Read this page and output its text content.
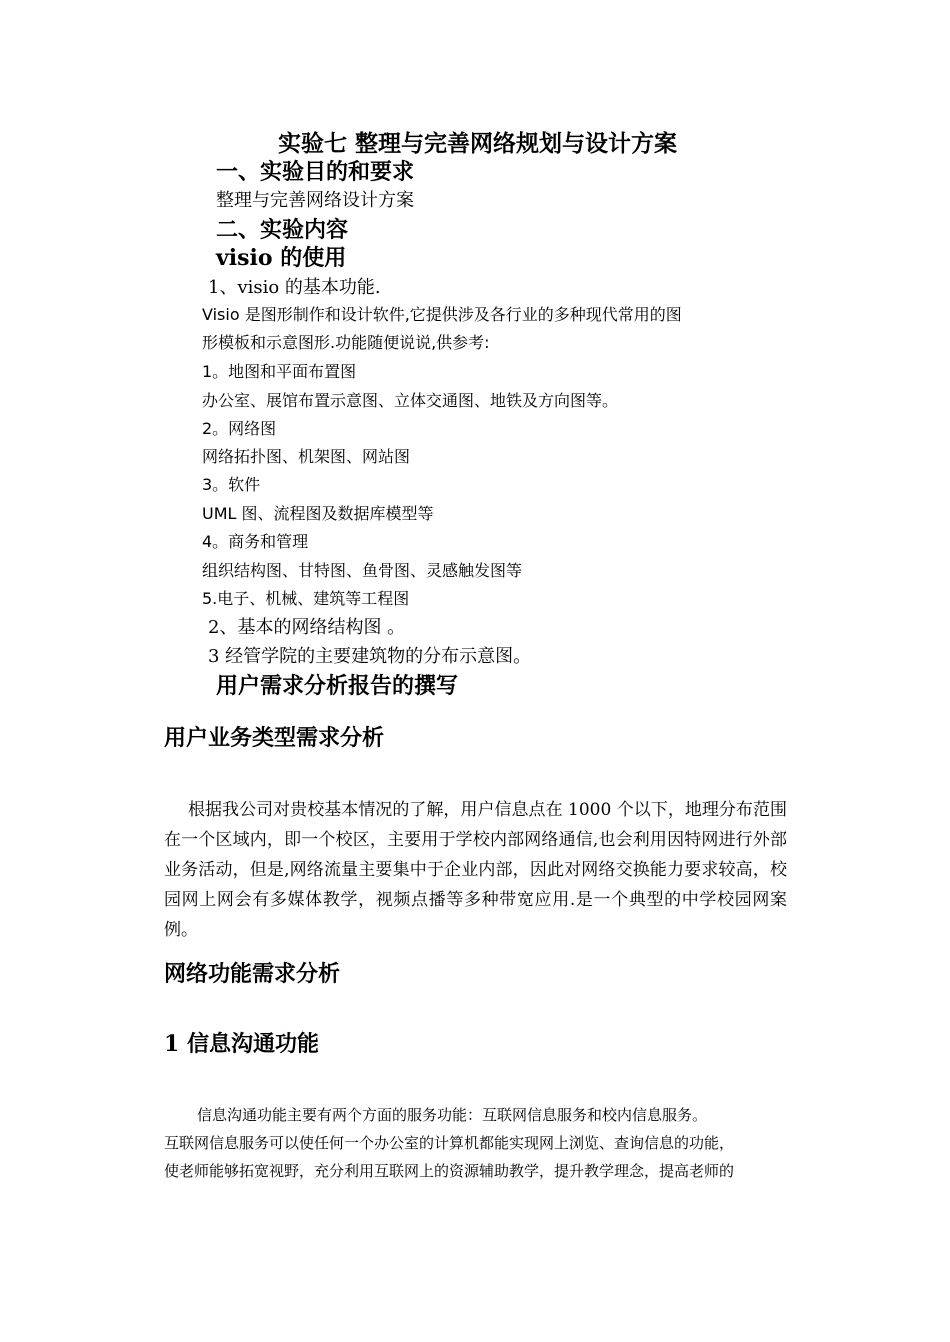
实验七 整理与完善网络规划与设计方案
一、实验目的和要求
整理与完善网络设计方案
二、实验内容
visio 的使用
1、visio 的基本功能.
Visio 是图形制作和设计软件,它提供涉及各行业的多种现代常用的图
形模板和示意图形.功能随便说说,供参考:
1。地图和平面布置图
办公室、展馆布置示意图、立体交通图、地铁及方向图等。
2。网络图
网络拓扑图、机架图、网站图
3。软件
UML 图、流程图及数据库模型等
4。商务和管理
组织结构图、甘特图、鱼骨图、灵感触发图等
5.电子、机械、建筑等工程图
2、基本的网络结构图 。
3 经管学院的主要建筑物的分布示意图。
用户需求分析报告的撰写
用户业务类型需求分析
根据我公司对贵校基本情况的了解，用户信息点在 1000 个以下，地理分布范围在一个区域内，即一个校区，主要用于学校内部网络通信,也会利用因特网进行外部业务活动，但是,网络流量主要集中于企业内部，因此对网络交换能力要求较高，校园网上网会有多媒体教学，视频点播等多种带宽应用.是一个典型的中学校园网案例。
网络功能需求分析
1 信息沟通功能
信息沟通功能主要有两个方面的服务功能：互联网信息服务和校内信息服务。
互联网信息服务可以使任何一个办公室的计算机都能实现网上浏览、查询信息的功能，
使老师能够拓宽视野，充分利用互联网上的资源辅助教学，提升教学理念，提高老师的
